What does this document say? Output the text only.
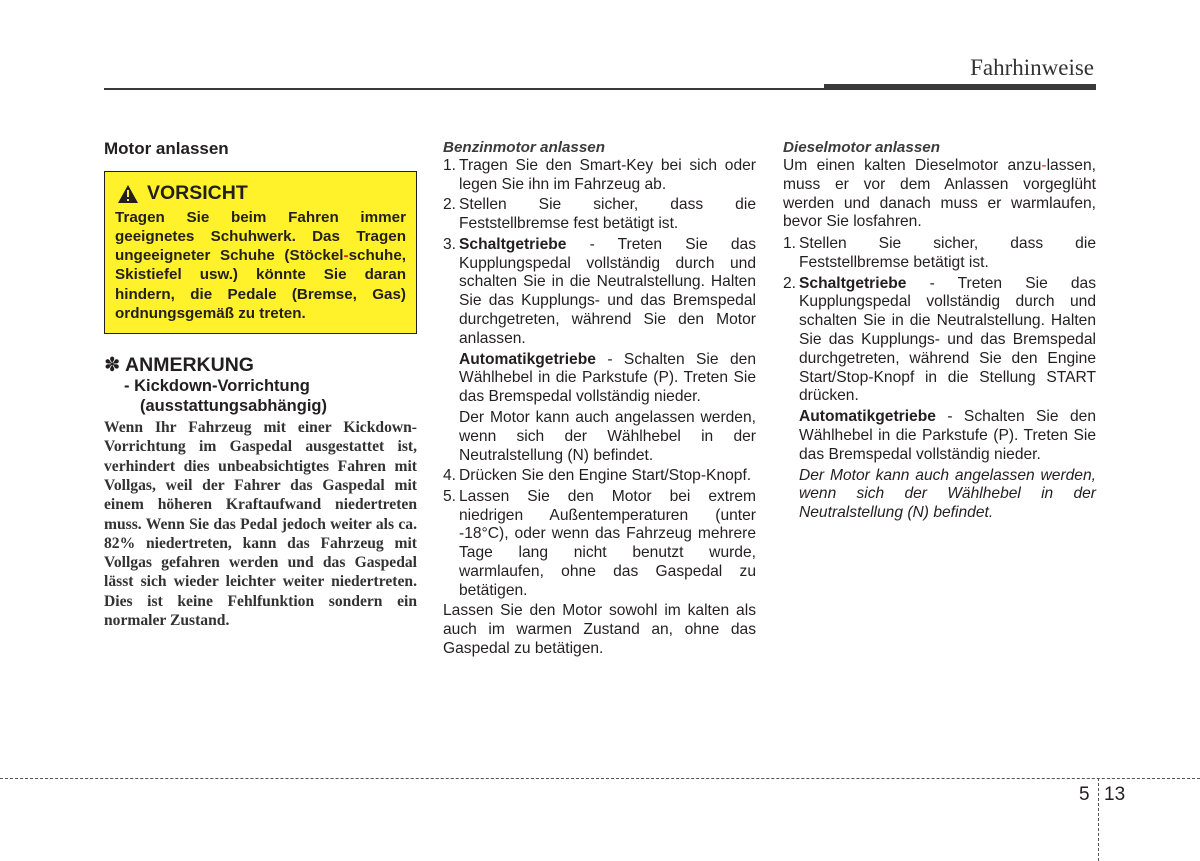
Fahrhinweise
Motor anlassen
VORSICHT
Tragen Sie beim Fahren immer geeignetes Schuhwerk. Das Tragen ungeeigneter Schuhe (Stöckel-schuhe, Skistiefel usw.) könnte Sie daran hindern, die Pedale (Bremse, Gas) ordnungsgemäß zu treten.
✽ ANMERKUNG
- Kickdown-Vorrichtung (ausstattungsabhängig)
Wenn Ihr Fahrzeug mit einer Kickdown-Vorrichtung im Gaspedal ausgestattet ist, verhindert dies unbeabsichtigtes Fahren mit Vollgas, weil der Fahrer das Gaspedal mit einem höheren Kraftaufwand niedertreten muss. Wenn Sie das Pedal jedoch weiter als ca. 82% niedertreten, kann das Fahrzeug mit Vollgas gefahren werden und das Gaspedal lässt sich wieder leichter weiter niedertreten. Dies ist keine Fehlfunktion sondern ein normaler Zustand.
Benzinmotor anlassen
1. Tragen Sie den Smart-Key bei sich oder legen Sie ihn im Fahrzeug ab.
2. Stellen Sie sicher, dass die Feststellbremse fest betätigt ist.
3. Schaltgetriebe - Treten Sie das Kupplungspedal vollständig durch und schalten Sie in die Neutralstellung. Halten Sie das Kupplungs- und das Bremspedal durchgetreten, während Sie den Motor anlassen.
Automatikgetriebe - Schalten Sie den Wählhebel in die Parkstufe (P). Treten Sie das Bremspedal vollständig nieder.
Der Motor kann auch angelassen werden, wenn sich der Wählhebel in der Neutralstellung (N) befindet.
4. Drücken Sie den Engine Start/Stop-Knopf.
5. Lassen Sie den Motor bei extrem niedrigen Außentemperaturen (unter -18°C), oder wenn das Fahrzeug mehrere Tage lang nicht benutzt wurde, warmlaufen, ohne das Gaspedal zu betätigen.
Lassen Sie den Motor sowohl im kalten als auch im warmen Zustand an, ohne das Gaspedal zu betätigen.
Dieselmotor anlassen
Um einen kalten Dieselmotor anzu-lassen, muss er vor dem Anlassen vorgeglüht werden und danach muss er warmlaufen, bevor Sie losfahren.
1. Stellen Sie sicher, dass die Feststellbremse betätigt ist.
2. Schaltgetriebe - Treten Sie das Kupplungspedal vollständig durch und schalten Sie in die Neutralstellung. Halten Sie das Kupplungs- und das Bremspedal durchgetreten, während Sie den Engine Start/Stop-Knopf in die Stellung START drücken.
Automatikgetriebe - Schalten Sie den Wählhebel in die Parkstufe (P). Treten Sie das Bremspedal vollständig nieder.
Der Motor kann auch angelassen werden, wenn sich der Wählhebel in der Neutralstellung (N) befindet.
5 13
